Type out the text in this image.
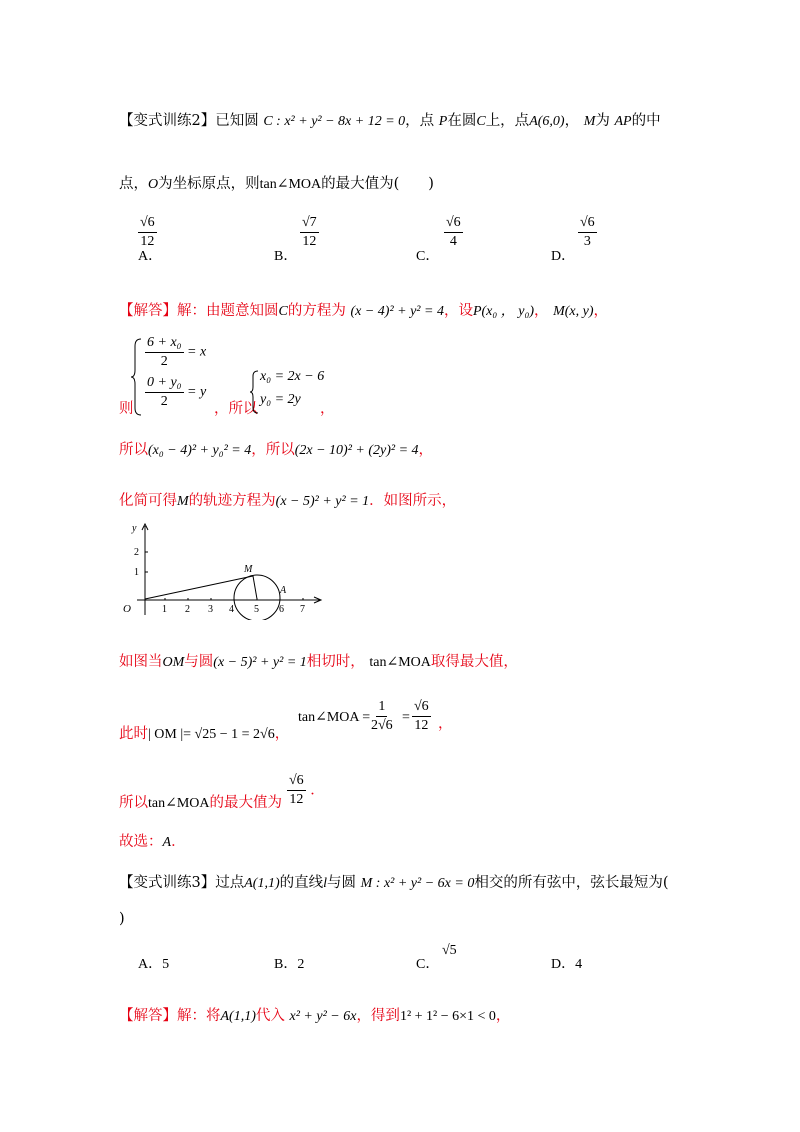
【变式训练2】已知圆 C : x² + y² − 8x + 12 = 0，点 P在圆C上，点A(6,0)， M为 AP的中
点，O为坐标原点，则tan∠MOA的最大值为(　　)
$\frac{√6}{12}$
A．
$\frac{√7}{12}$
B．
$\frac{√6}{4}$
C．
$\frac{√6}{3}$
D．
【解答】解：由题意知圆C的方程为 (x − 4)² + y² = 4，设P(x₀ ， y₀)， M(x, y)，
$\frac{\text{6 + x₀}}{2} = x$
$\frac{\text{0 + y₀}}{2} = y$
则	，所以
x₀ = 2x − 6
y₀ = 2y
，
所以(x₀ − 4)² + y₀² = 4，所以(2x − 10)² + (2y)² = 4，
化简可得M的轨迹方程为(x − 5)² + y² = 1．如图所示，
y
2
1
1 2 3 4 5 6 7
O
M
A
如图当OM与圆(x − 5)² + y² = 1相切时， tan∠MOA取得最大值，
此时| OM |= √25 − 1 = 2√6，
tan∠MOA = $\frac{1}{2√6} = \frac{√6}{12}$ ，
所以tan∠MOA的最大值为 $\frac{√6}{12}$ ．
故选：A．
【变式训练3】过点A(1,1)的直线l与圆 M : x² + y² − 6x = 0相交的所有弦中，弦长最短为(
)
A．5	B．2	C．
√5
D．4
【解答】解：将A(1,1)代入 x² + y² − 6x，得到1² + 1² − 6×1 < 0，
